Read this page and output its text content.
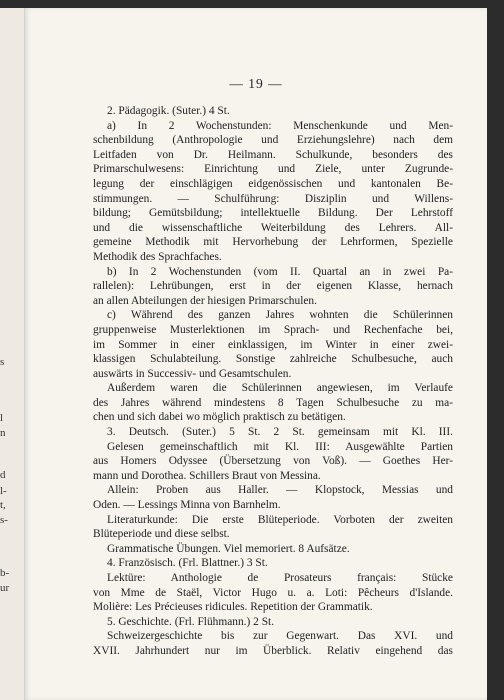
s
l
n
d
l-
t,
s-
b-
ur
— 19 —
2. Pädagogik. (Suter.) 4 St.
a) In 2 Wochenstunden: Menschenkunde und Men-
schenbildung (Anthropologie und Erziehungslehre) nach dem
Leitfaden von Dr. Heilmann. Schulkunde, besonders des
Primarschulwesens: Einrichtung und Ziele, unter Zugrunde-
legung der einschlägigen eidgenössischen und kantonalen Be-
stimmungen. — Schulführung: Disziplin und Willens-
bildung; Gemütsbildung; intellektuelle Bildung. Der Lehrstoff
und die wissenschaftliche Weiterbildung des Lehrers. All-
gemeine Methodik mit Hervorhebung der Lehrformen, Spezielle
Methodik des Sprachfaches.
b) In 2 Wochenstunden (vom II. Quartal an in zwei Pa-
rallelen): Lehrübungen, erst in der eigenen Klasse, hernach
an allen Abteilungen der hiesigen Primarschulen.
c) Während des ganzen Jahres wohnten die Schülerinnen
gruppenweise Musterlektionen im Sprach- und Rechenfache bei,
im Sommer in einer einklassigen, im Winter in einer zwei-
klassigen Schulabteilung. Sonstige zahlreiche Schulbesuche, auch
auswärts in Successiv- und Gesamtschulen.
Außerdem waren die Schülerinnen angewiesen, im Verlaufe
des Jahres während mindestens 8 Tagen Schulbesuche zu ma-
chen und sich dabei wo möglich praktisch zu betätigen.
3. Deutsch. (Suter.) 5 St. 2 St. gemeinsam mit Kl. III.
Gelesen gemeinschaftlich mit Kl. III: Ausgewählte Partien
aus Homers Odyssee (Übersetzung von Voß). — Goethes Her-
mann und Dorothea. Schillers Braut von Messina.
Allein: Proben aus Haller. — Klopstock, Messias und
Oden. — Lessings Minna von Barnhelm.
Literaturkunde: Die erste Blüteperiode. Vorboten der zweiten
Blüteperiode und diese selbst.
Grammatische Übungen. Viel memoriert. 8 Aufsätze.
4. Französisch. (Frl. Blattner.) 3 St.
Lektüre: Anthologie de Prosateurs français: Stücke
von Mme de Staël, Victor Hugo u. a. Loti: Pêcheurs d'Islande.
Molière: Les Précieuses ridicules. Repetition der Grammatik.
5. Geschichte. (Frl. Flühmann.) 2 St.
Schweizergeschichte bis zur Gegenwart. Das XVI. und
XVII. Jahrhundert nur im Überblick. Relativ eingehend das
